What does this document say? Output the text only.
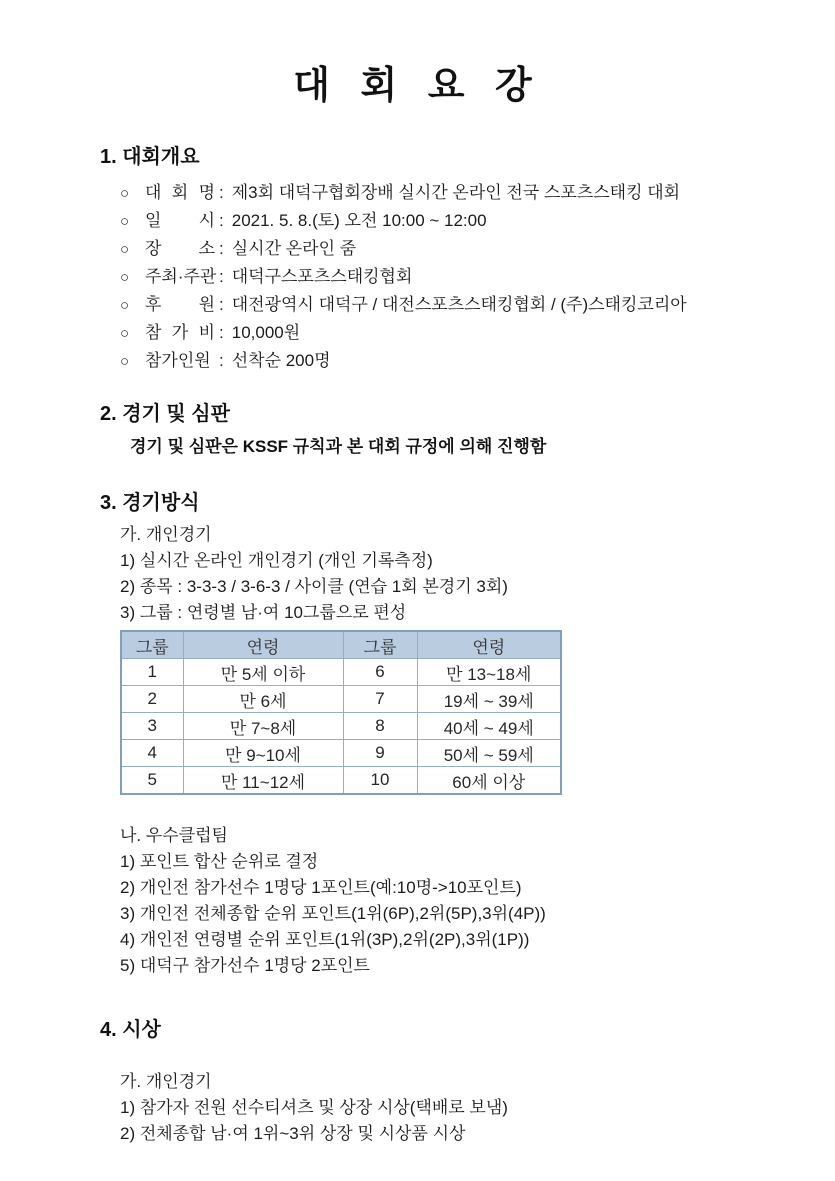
대 회 요 강
1. 대회개요
○ 대 회 명 : 제3회 대덕구협회장배 실시간 온라인 전국 스포츠스태킹 대회
○ 일 시 : 2021. 5. 8.(토) 오전 10:00 ~ 12:00
○ 장 소 : 실시간 온라인 줌
○ 주최·주관 : 대덕구스포츠스태킹협회
○ 후 원 : 대전광역시 대덕구 / 대전스포츠스태킹협회 / (주)스태킹코리아
○ 참 가 비 : 10,000원
○ 참가인원 : 선착순 200명
2. 경기 및 심판
경기 및 심판은 KSSF 규칙과 본 대회 규정에 의해 진행함
3. 경기방식
가. 개인경기
1) 실시간 온라인 개인경기 (개인 기록측정)
2) 종목 : 3-3-3 / 3-6-3 / 사이클 (연습 1회 본경기 3회)
3) 그룹 : 연령별 남·여 10그룹으로 편성
그룹	연령	그룹	연령
1	만 5세 이하	6	만 13~18세
2	만 6세	7	19세 ~ 39세
3	만 7~8세	8	40세 ~ 49세
4	만 9~10세	9	50세 ~ 59세
5	만 11~12세	10	60세 이상
나. 우수클럽팀
1) 포인트 합산 순위로 결정
2) 개인전 참가선수 1명당 1포인트(예:10명->10포인트)
3) 개인전 전체종합 순위 포인트(1위(6P),2위(5P),3위(4P))
4) 개인전 연령별 순위 포인트(1위(3P),2위(2P),3위(1P))
5) 대덕구 참가선수 1명당 2포인트
4. 시상
가. 개인경기
1) 참가자 전원 선수티셔츠 및 상장 시상(택배로 보냄)
2) 전체종합 남·여 1위~3위 상장 및 시상품 시상
